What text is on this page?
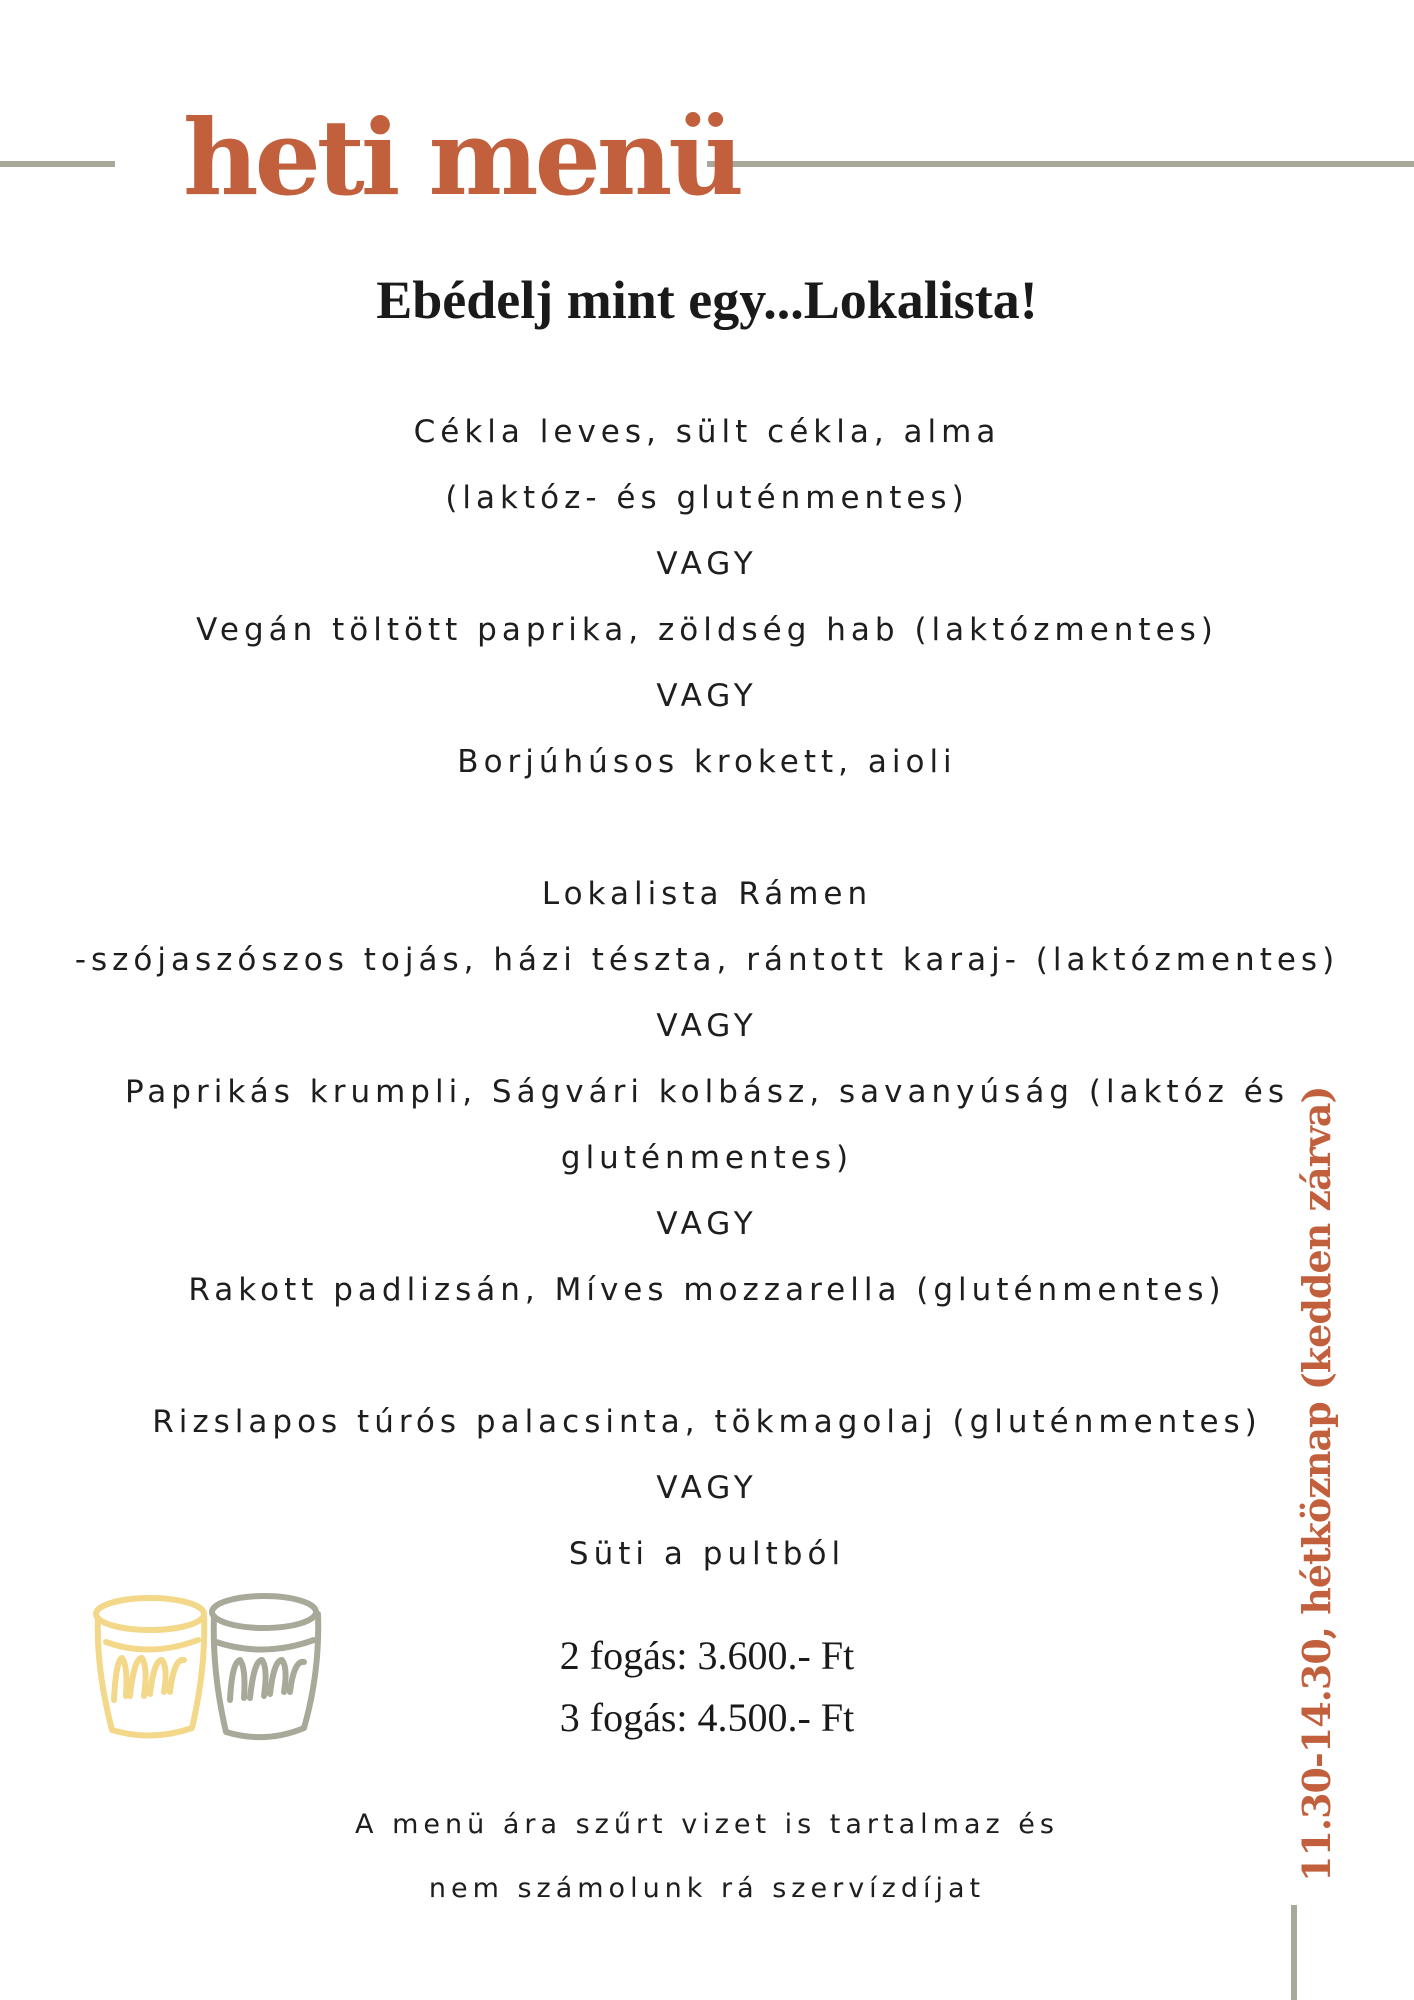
heti menü
Ebédelj mint egy...Lokalista!
Cékla leves, sült cékla, alma
(laktóz- és gluténmentes)
VAGY
Vegán töltött paprika, zöldség hab (laktózmentes)
VAGY
Borjúhúsos krokett, aioli
Lokalista Rámen
-szójaszószos tojás, házi tészta, rántott karaj- (laktózmentes)
VAGY
Paprikás krumpli, Ságvári kolbász, savanyúság (laktóz és
gluténmentes)
VAGY
Rakott padlizsán, Míves mozzarella (gluténmentes)
Rizslapos túrós palacsinta, tökmagolaj (gluténmentes)
VAGY
Süti a pultból
2 fogás: 3.600.- Ft
3 fogás: 4.500.- Ft
A menü ára szűrt vizet is tartalmaz és
nem számolunk rá szervízdíjat
11.30-14.30, hétköznap (kedden zárva)
